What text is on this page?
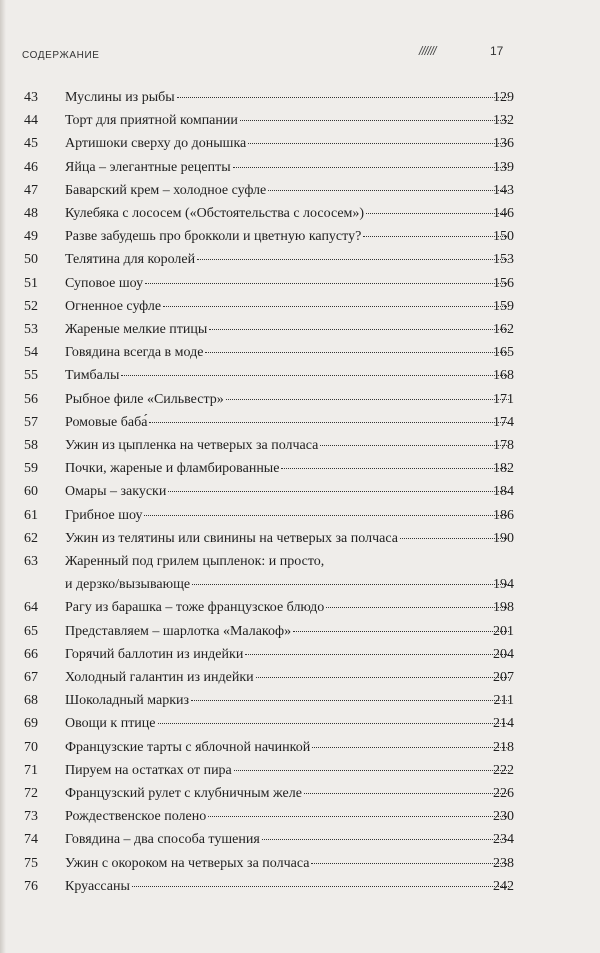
СОДЕРЖАНИЕ	//////	17
43 Муслины из рыбы	129
44 Торт для приятной компании	132
45 Артишоки сверху до донышка	136
46 Яйца – элегантные рецепты	139
47 Баварский крем – холодное суфле	143
48 Кулебяка с лососем («Обстоятельства с лососем»)	146
49 Разве забудешь про брокколи и цветную капусту?	150
50 Телятина для королей	153
51 Суповое шоу	156
52 Огненное суфле	159
53 Жареные мелкие птицы	162
54 Говядина всегда в моде	165
55 Тимбалы	168
56 Рыбное филе «Сильвестр»	171
57 Ромовые баба́	174
58 Ужин из цыпленка на четверых за полчаса	178
59 Почки, жареные и фламбированные	182
60 Омары – закуски	184
61 Грибное шоу	186
62 Ужин из телятины или свинины на четверых за полчаса	190
63 Жаренный под грилем цыпленок: и просто,
и дерзко/вызывающе	194
64 Рагу из барашка – тоже французское блюдо	198
65 Представляем – шарлотка «Малакоф»	201
66 Горячий баллотин из индейки	204
67 Холодный галантин из индейки	207
68 Шоколадный маркиз	211
69 Овощи к птице	214
70 Французские тарты с яблочной начинкой	218
71 Пируем на остатках от пира	222
72 Французский рулет с клубничным желе	226
73 Рождественское полено	230
74 Говядина – два способа тушения	234
75 Ужин с окороком на четверых за полчаса	238
76 Круассаны	242
